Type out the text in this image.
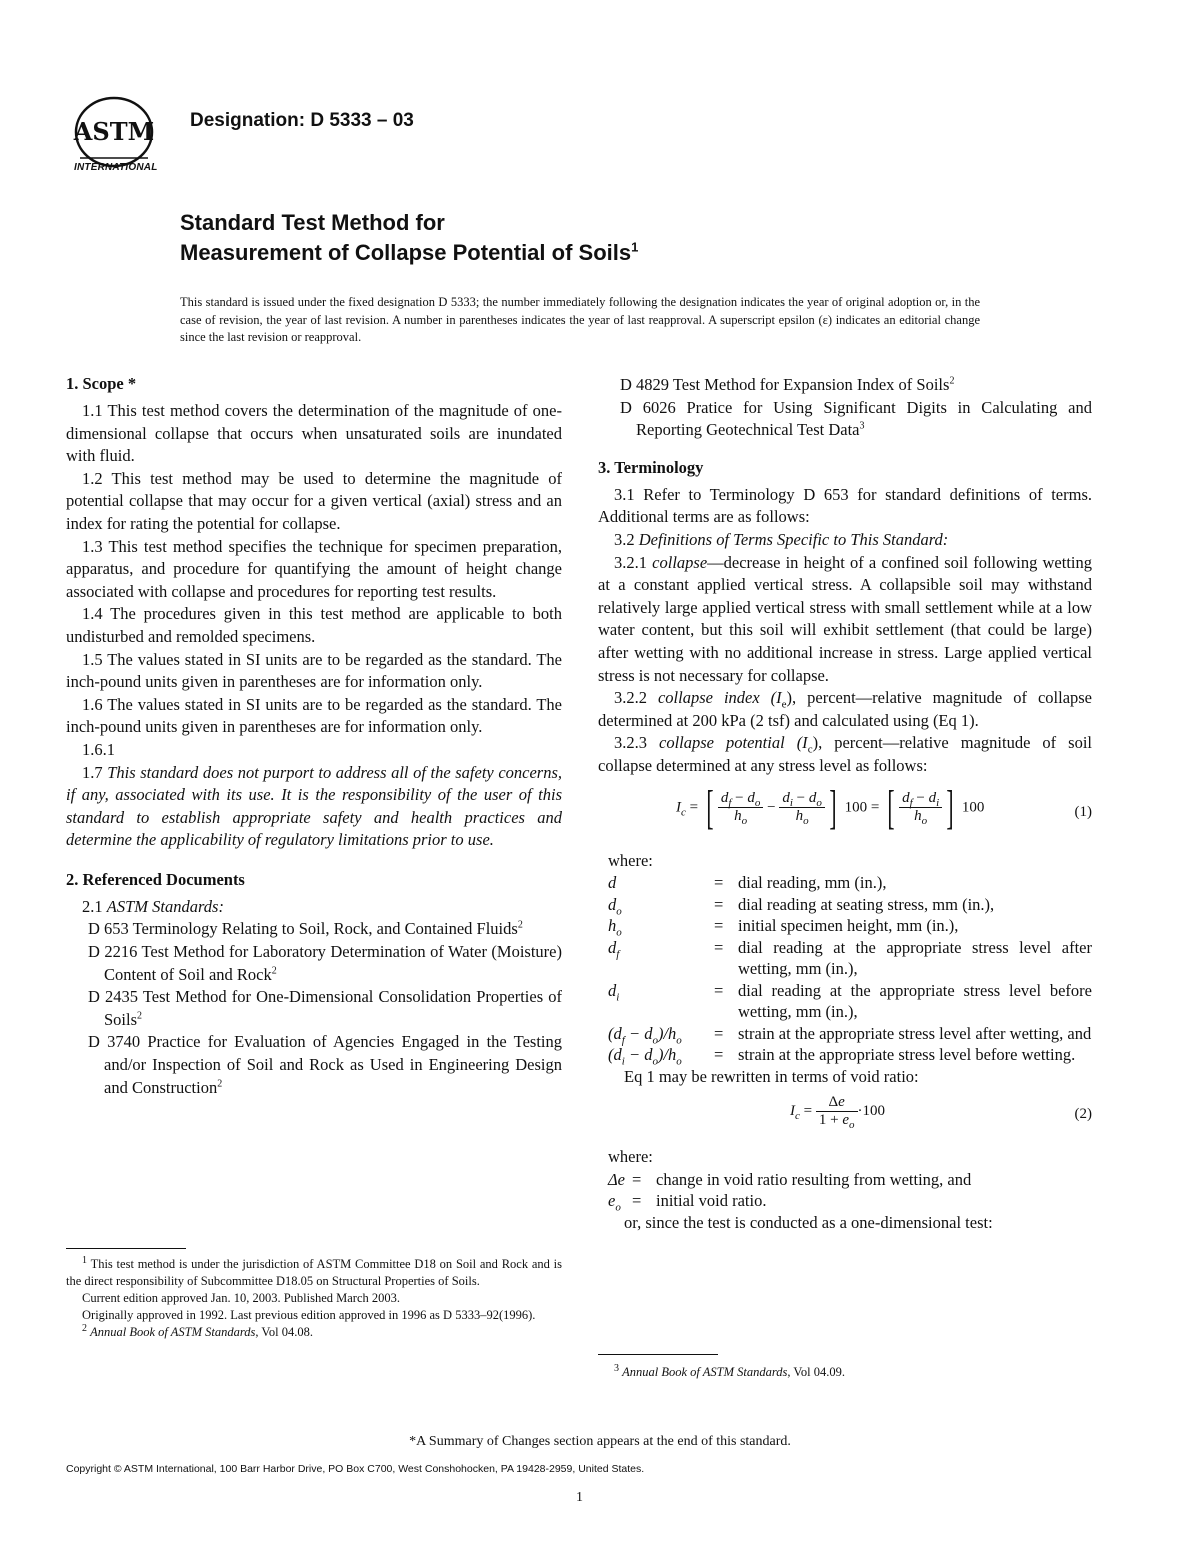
ASTM
INTERNATIONAL
Designation: D 5333 – 03
Standard Test Method for
Measurement of Collapse Potential of Soils$^1$
This standard is issued under the fixed designation D 5333; the number immediately following the designation indicates the year of original adoption or, in the case of revision, the year of last revision. A number in parentheses indicates the year of last reapproval. A superscript epsilon (ε) indicates an editorial change since the last revision or reapproval.

1. Scope *

1.1 This test method covers the determination of the magnitude of one-dimensional collapse that occurs when unsaturated soils are inundated with fluid.

1.2 This test method may be used to determine the magnitude of potential collapse that may occur for a given vertical (axial) stress and an index for rating the potential for collapse.

1.3 This test method specifies the technique for specimen preparation, apparatus, and procedure for quantifying the amount of height change associated with collapse and procedures for reporting test results.

1.4 The procedures given in this test method are applicable to both undisturbed and remolded specimens.

1.5 The values stated in SI units are to be regarded as the standard. The inch-pound units given in parentheses are for information only.

1.6 The values stated in SI units are to be regarded as the standard. The inch-pound units given in parentheses are for information only.

1.6.1

1.7 This standard does not purport to address all of the safety concerns, if any, associated with its use. It is the responsibility of the user of this standard to establish appropriate safety and health practices and determine the applicability of regulatory limitations prior to use.

2. Referenced Documents

2.1 ASTM Standards:

D 653 Terminology Relating to Soil, Rock, and Contained Fluids$^2$

D 2216 Test Method for Laboratory Determination of Water (Moisture) Content of Soil and Rock$^2$

D 2435 Test Method for One-Dimensional Consolidation Properties of Soils$^2$

D 3740 Practice for Evaluation of Agencies Engaged in the Testing and/or Inspection of Soil and Rock as Used in Engineering Design and Construction$^2$

$^1$ This test method is under the jurisdiction of ASTM Committee D18 on Soil and Rock and is the direct responsibility of Subcommittee D18.05 on Structural Properties of Soils.

Current edition approved Jan. 10, 2003. Published March 2003.

Originally approved in 1992. Last previous edition approved in 1996 as D 5333–92(1996).

$^2$ Annual Book of ASTM Standards, Vol 04.08.

D 4829 Test Method for Expansion Index of Soils$^2$

D 6026 Pratice for Using Significant Digits in Calculating and Reporting Geotechnical Test Data$^3$

3. Terminology

3.1 Refer to Terminology D 653 for standard definitions of terms. Additional terms are as follows:

3.2 Definitions of Terms Specific to This Standard:

3.2.1 collapse—decrease in height of a confined soil following wetting at a constant applied vertical stress. A collapsible soil may withstand relatively large applied vertical stress with small settlement while at a low water content, but this soil will exhibit settlement (that could be large) after wetting with no additional increase in stress. Large applied vertical stress is not necessary for collapse.

3.2.2 collapse index $(I_e)$, percent—relative magnitude of collapse determined at 200 kPa (2 tsf) and calculated using (Eq 1).

3.2.3 collapse potential $(I_c)$, percent—relative magnitude of soil collapse determined at any stress level as follows:

$I_c$ = [ $\frac{d_f - d_o}{h_o} - \frac{d_i - d_o}{h_o}$ ] 100 = [ $\frac{d_f - d_i}{h_o}$ ] 100	(1)

where:

d	= dial reading, mm (in.),
$d_o$	= dial reading at seating stress, mm (in.),
$h_o$	= initial specimen height, mm (in.),
$d_f$	= dial reading at the appropriate stress level after wetting, mm (in.),
$d_i$	= dial reading at the appropriate stress level before wetting, mm (in.),
$(d_f - d_o)/h_o$	= strain at the appropriate stress level after wetting, and
$(d_i - d_o)/h_o$	= strain at the appropriate stress level before wetting.

Eq 1 may be rewritten in terms of void ratio:

$I_c = \frac{\Delta e}{1 + e_o} \cdot 100$	(2)

where:

Δe = change in void ratio resulting from wetting, and
$e_o$ = initial void ratio.

or, since the test is conducted as a one-dimensional test:

$^3$ Annual Book of ASTM Standards, Vol 04.09.

*A Summary of Changes section appears at the end of this standard.
Copyright © ASTM International, 100 Barr Harbor Drive, PO Box C700, West Conshohocken, PA 19428-2959, United States.
1
